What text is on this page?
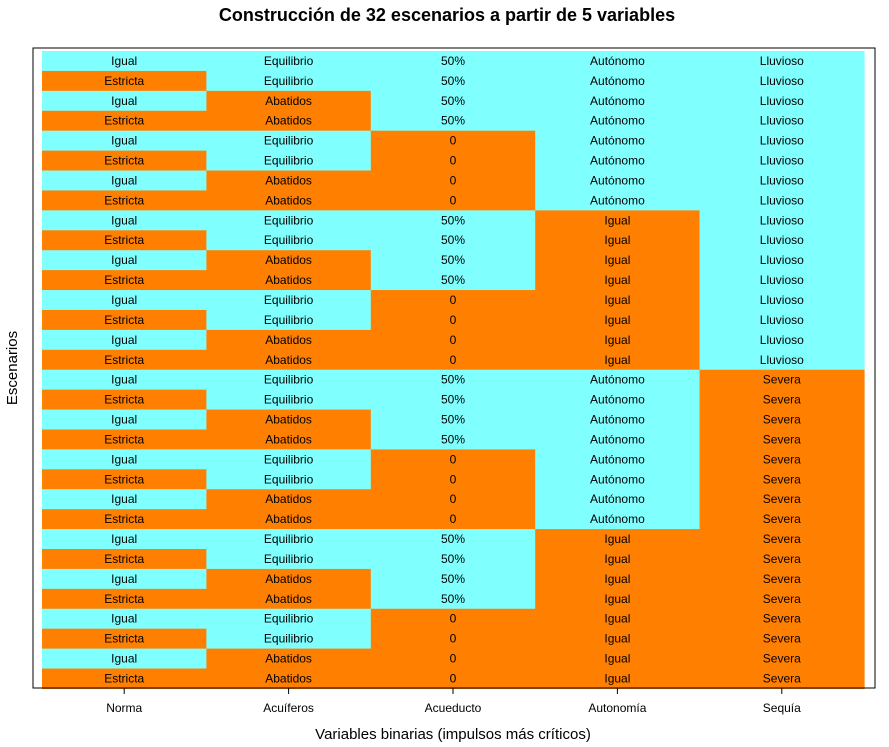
Construcción de 32 escenarios a partir de 5 variables
Igual	Equilibrio	50%	Autónomo	Lluvioso
Estricta	Equilibrio	50%	Autónomo	Lluvioso
Igual	Abatidos	50%	Autónomo	Lluvioso
Estricta	Abatidos	50%	Autónomo	Lluvioso
Igual	Equilibrio	0	Autónomo	Lluvioso
Estricta	Equilibrio	0	Autónomo	Lluvioso
Igual	Abatidos	0	Autónomo	Lluvioso
Estricta	Abatidos	0	Autónomo	Lluvioso
Igual	Equilibrio	50%	Igual	Lluvioso
Estricta	Equilibrio	50%	Igual	Lluvioso
Igual	Abatidos	50%	Igual	Lluvioso
Estricta	Abatidos	50%	Igual	Lluvioso
Igual	Equilibrio	0	Igual	Lluvioso
Estricta	Equilibrio	0	Igual	Lluvioso
Igual	Abatidos	0	Igual	Lluvioso
Estricta	Abatidos	0	Igual	Lluvioso
Igual	Equilibrio	50%	Autónomo	Severa
Estricta	Equilibrio	50%	Autónomo	Severa
Igual	Abatidos	50%	Autónomo	Severa
Estricta	Abatidos	50%	Autónomo	Severa
Igual	Equilibrio	0	Autónomo	Severa
Estricta	Equilibrio	0	Autónomo	Severa
Igual	Abatidos	0	Autónomo	Severa
Estricta	Abatidos	0	Autónomo	Severa
Igual	Equilibrio	50%	Igual	Severa
Estricta	Equilibrio	50%	Igual	Severa
Igual	Abatidos	50%	Igual	Severa
Estricta	Abatidos	50%	Igual	Severa
Igual	Equilibrio	0	Igual	Severa
Estricta	Equilibrio	0	Igual	Severa
Igual	Abatidos	0	Igual	Severa
Estricta	Abatidos	0	Igual	Severa
Norma	Acuíferos	Acueducto	Autonomía	Sequía
Variables binarias (impulsos más críticos)
Escenarios
